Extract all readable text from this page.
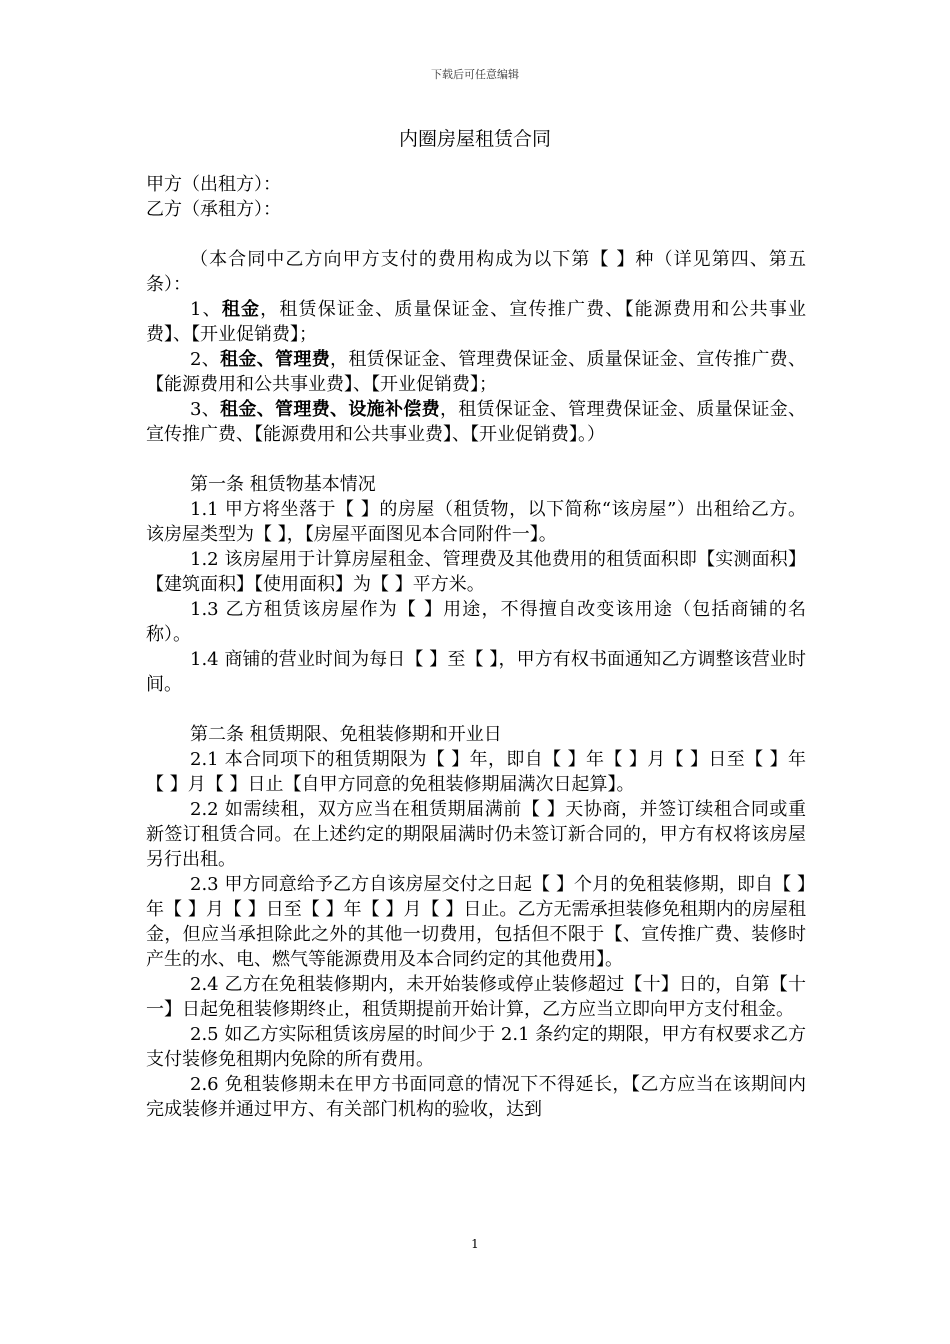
下载后可任意编辑
内圈房屋租赁合同

甲方（出租方）：

乙方（承租方）：

（本合同中乙方向甲方支付的费用构成为以下第【 】种（详见第四、第五条）：

1、租金，租赁保证金、质量保证金、宣传推广费、【能源费用和公共事业费】、【开业促销费】；

2、租金、管理费，租赁保证金、管理费保证金、质量保证金、宣传推广费、【能源费用和公共事业费】、【开业促销费】；

3、租金、管理费、设施补偿费，租赁保证金、管理费保证金、质量保证金、宣传推广费、【能源费用和公共事业费】、【开业促销费】。）

第一条 租赁物基本情况

1.1 甲方将坐落于【 】的房屋（租赁物，以下简称“该房屋”）出租给乙方。该房屋类型为【 】，【房屋平面图见本合同附件一】。

1.2 该房屋用于计算房屋租金、管理费及其他费用的租赁面积即【实测面积】【建筑面积】【使用面积】为【 】平方米。

1.3 乙方租赁该房屋作为【 】用途，不得擅自改变该用途（包括商铺的名称）。

1.4 商铺的营业时间为每日【 】至【 】，甲方有权书面通知乙方调整该营业时间。

第二条 租赁期限、免租装修期和开业日

2.1 本合同项下的租赁期限为【 】年，即自【 】年【 】月【 】日至【 】年【 】月【 】日止【自甲方同意的免租装修期届满次日起算】。

2.2 如需续租，双方应当在租赁期届满前【 】天协商，并签订续租合同或重新签订租赁合同。在上述约定的期限届满时仍未签订新合同的，甲方有权将该房屋另行出租。

2.3 甲方同意给予乙方自该房屋交付之日起【 】个月的免租装修期，即自【 】年【 】月【 】日至【 】年【 】月【 】日止。乙方无需承担装修免租期内的房屋租金，但应当承担除此之外的其他一切费用，包括但不限于【、宣传推广费、装修时产生的水、电、燃气等能源费用及本合同约定的其他费用】。

2.4 乙方在免租装修期内，未开始装修或停止装修超过【十】日的，自第【十一】日起免租装修期终止，租赁期提前开始计算，乙方应当立即向甲方支付租金。

2.5 如乙方实际租赁该房屋的时间少于 2.1 条约定的期限，甲方有权要求乙方支付装修免租期内免除的所有费用。

2.6 免租装修期未在甲方书面同意的情况下不得延长，【乙方应当在该期间内完成装修并通过甲方、有关部门机构的验收，达到

1
